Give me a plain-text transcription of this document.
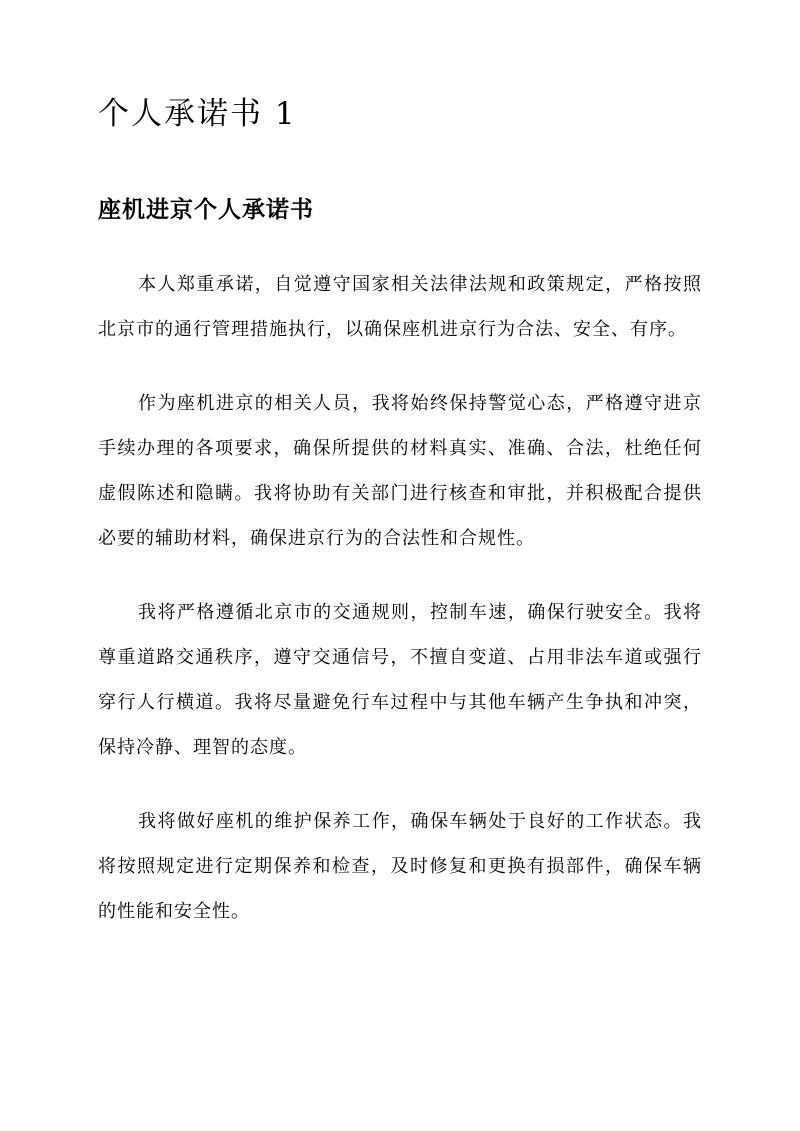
个人承诺书 1
座机进京个人承诺书

本人郑重承诺，自觉遵守国家相关法律法规和政策规定，严格按照北京市的通行管理措施执行，以确保座机进京行为合法、安全、有序。

作为座机进京的相关人员，我将始终保持警觉心态，严格遵守进京手续办理的各项要求，确保所提供的材料真实、准确、合法，杜绝任何虚假陈述和隐瞒。我将协助有关部门进行核查和审批，并积极配合提供必要的辅助材料，确保进京行为的合法性和合规性。

我将严格遵循北京市的交通规则，控制车速，确保行驶安全。我将尊重道路交通秩序，遵守交通信号，不擅自变道、占用非法车道或强行穿行人行横道。我将尽量避免行车过程中与其他车辆产生争执和冲突，保持冷静、理智的态度。

我将做好座机的维护保养工作，确保车辆处于良好的工作状态。我将按照规定进行定期保养和检查，及时修复和更换有损部件，确保车辆的性能和安全性。
